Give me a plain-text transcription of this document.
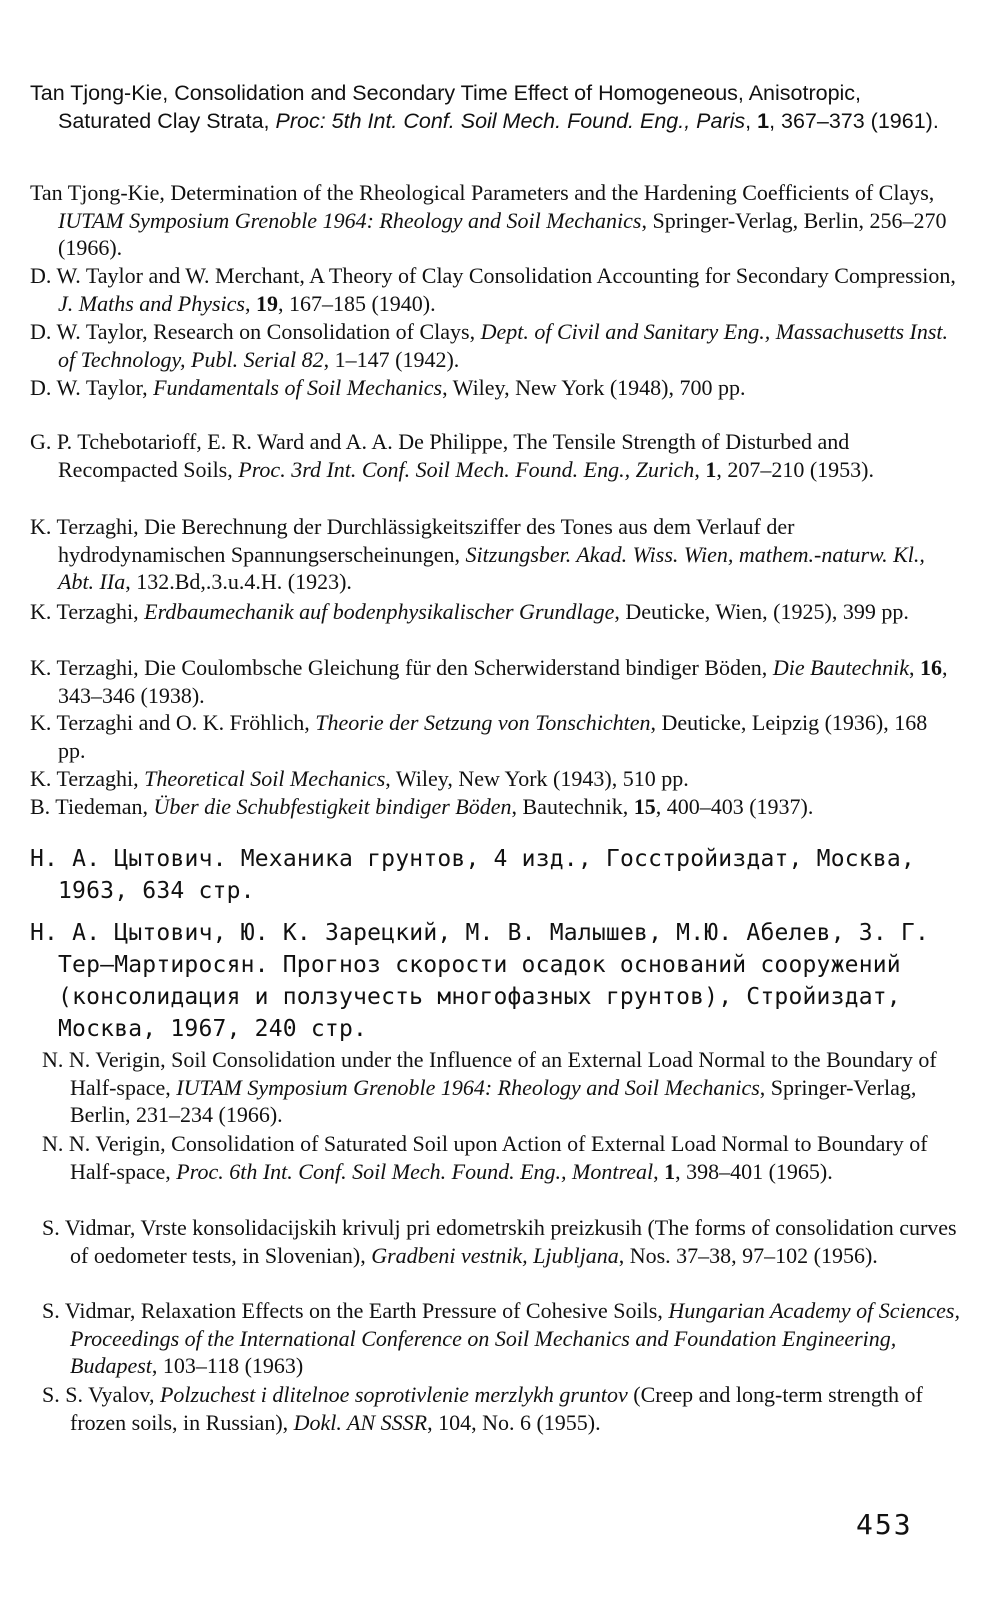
Tan Tjong-Kie, Consolidation and Secondary Time Effect of Homogeneous, Anisotropic, Saturated Clay Strata, Proc: 5th Int. Conf. Soil Mech. Found. Eng., Paris, 1, 367–373 (1961).
Tan Tjong-Kie, Determination of the Rheological Parameters and the Hardening Coefficients of Clays, IUTAM Symposium Grenoble 1964: Rheology and Soil Mechanics, Springer-Verlag, Berlin, 256–270 (1966).
D. W. Taylor and W. Merchant, A Theory of Clay Consolidation Accounting for Secondary Compression, J. Maths and Physics, 19, 167–185 (1940).
D. W. Taylor, Research on Consolidation of Clays, Dept. of Civil and Sanitary Eng., Massachusetts Inst. of Technology, Publ. Serial 82, 1–147 (1942).
D. W. Taylor, Fundamentals of Soil Mechanics, Wiley, New York (1948), 700 pp.
G. P. Tchebotarioff, E. R. Ward and A. A. De Philippe, The Tensile Strength of Disturbed and Recompacted Soils, Proc. 3rd Int. Conf. Soil Mech. Found. Eng., Zurich, 1, 207–210 (1953).
K. Terzaghi, Die Berechnung der Durchlässigkeitsziffer des Tones aus dem Verlauf der hydrodynamischen Spannungserscheinungen, Sitzungsber. Akad. Wiss. Wien, mathem.-naturw. Kl., Abt. IIa, 132.Bd,.3.u.4.H. (1923).
K. Terzaghi, Erdbaumechanik auf bodenphysikalischer Grundlage, Deuticke, Wien, (1925), 399 pp.
K. Terzaghi, Die Coulombsche Gleichung für den Scherwiderstand bindiger Böden, Die Bautechnik, 16, 343–346 (1938).
K. Terzaghi and O. K. Fröhlich, Theorie der Setzung von Tonschichten, Deuticke, Leipzig (1936), 168 pp.
K. Terzaghi, Theoretical Soil Mechanics, Wiley, New York (1943), 510 pp.
B. Tiedeman, Über die Schubfestigkeit bindiger Böden, Bautechnik, 15, 400–403 (1937).
Н. А. Цытович. Механика грунтов, 4 изд., Госстройиздат, Москва, 1963, 634 стр.
Н. А. Цытович, Ю. К. Зарецкий, М. В. Малышев, М.Ю. Абелев, 3. Г. Тер–Мартиросян. Прогноз скорости осадок оснований сооружений (консолидация и ползучесть многофазных грунтов), Стройиздат, Москва, 1967, 240 стр.
N. N. Verigin, Soil Consolidation under the Influence of an External Load Normal to the Boundary of Half-space, IUTAM Symposium Grenoble 1964: Rheology and Soil Mechanics, Springer-Verlag, Berlin, 231–234 (1966).
N. N. Verigin, Consolidation of Saturated Soil upon Action of External Load Normal to Boundary of Half-space, Proc. 6th Int. Conf. Soil Mech. Found. Eng., Montreal, 1, 398–401 (1965).
S. Vidmar, Vrste konsolidacijskih krivulj pri edometrskih preizkusih (The forms of consolidation curves of oedometer tests, in Slovenian), Gradbeni vestnik, Ljubljana, Nos. 37–38, 97–102 (1956).
S. Vidmar, Relaxation Effects on the Earth Pressure of Cohesive Soils, Hungarian Academy of Sciences, Proceedings of the International Conference on Soil Mechanics and Foundation Engineering, Budapest, 103–118 (1963)
S. S. Vyalov, Polzuchest i dlitelnoe soprotivlenie merzlykh gruntov (Creep and long-term strength of frozen soils, in Russian), Dokl. AN SSSR, 104, No. 6 (1955).
453
